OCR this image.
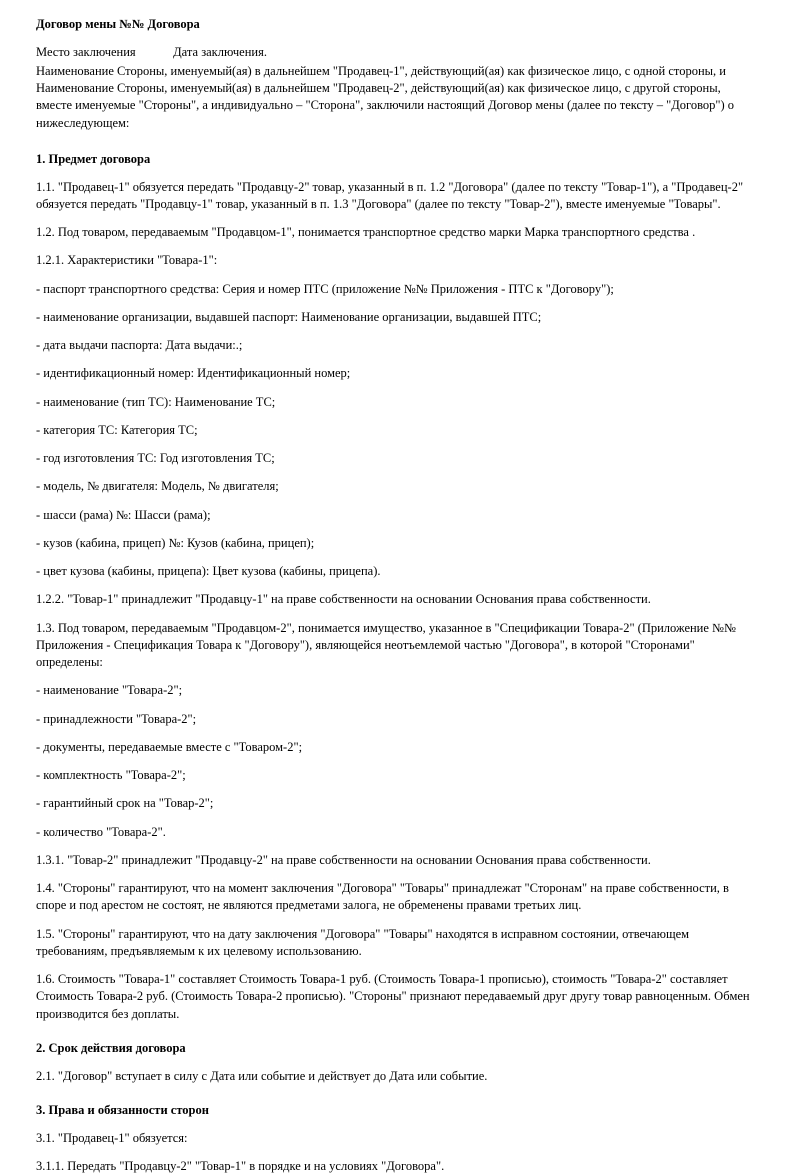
Договор мены №№ Договора
Место заключения	Дата заключения.
Наименование Стороны, именуемый(ая) в дальнейшем "Продавец-1", действующий(ая) как физическое лицо, с одной стороны, и Наименование Стороны, именуемый(ая) в дальнейшем "Продавец-2", действующий(ая) как физическое лицо, с другой стороны, вместе именуемые "Стороны", а индивидуально – "Сторона", заключили настоящий Договор мены (далее по тексту – "Договор") о нижеследующем:
1. Предмет договора
1.1. "Продавец-1" обязуется передать "Продавцу-2" товар, указанный в п. 1.2 "Договора" (далее по тексту "Товар-1"), а "Продавец-2" обязуется передать "Продавцу-1" товар, указанный в п. 1.3 "Договора" (далее по тексту "Товар-2"), вместе именуемые "Товары".
1.2. Под товаром, передаваемым "Продавцом-1", понимается транспортное средство марки Марка транспортного средства .
1.2.1. Характеристики "Товара-1":
- паспорт транспортного средства: Серия и номер ПТС (приложение №№ Приложения - ПТС к "Договору");
- наименование организации, выдавшей паспорт: Наименование организации, выдавшей ПТС;
- дата выдачи паспорта: Дата выдачи:.;
- идентификационный номер: Идентификационный номер;
- наименование (тип ТС): Наименование ТС;
- категория ТС: Категория ТС;
- год изготовления ТС: Год изготовления ТС;
- модель, № двигателя: Модель, № двигателя;
- шасси (рама) №: Шасси (рама);
- кузов (кабина, прицеп) №: Кузов (кабина, прицеп);
- цвет кузова (кабины, прицепа): Цвет кузова (кабины, прицепа).
1.2.2. "Товар-1" принадлежит "Продавцу-1" на праве собственности на основании Основания права собственности.
1.3. Под товаром, передаваемым "Продавцом-2", понимается имущество, указанное в "Спецификации Товара-2" (Приложение №№ Приложения - Спецификация Товара к "Договору"), являющейся неотъемлемой частью "Договора", в которой "Сторонами" определены:
- наименование "Товара-2";
- принадлежности "Товара-2";
- документы, передаваемые вместе с "Товаром-2";
- комплектность "Товара-2";
- гарантийный срок на "Товар-2";
- количество "Товара-2".
1.3.1. "Товар-2" принадлежит "Продавцу-2" на праве собственности на основании Основания права собственности.
1.4. "Стороны" гарантируют, что на момент заключения "Договора" "Товары" принадлежат "Сторонам" на праве собственности, в споре и под арестом не состоят, не являются предметами залога, не обременены правами третьих лиц.
1.5. "Стороны" гарантируют, что на дату заключения "Договора" "Товары" находятся в исправном состоянии, отвечающем требованиям, предъявляемым к их целевому использованию.
1.6. Стоимость "Товара-1" составляет Стоимость Товара-1 руб. (Стоимость Товара-1 прописью), стоимость "Товара-2" составляет Стоимость Товара-2 руб. (Стоимость Товара-2 прописью). "Стороны" признают передаваемый друг другу товар равноценным. Обмен производится без доплаты.
2. Срок действия договора
2.1. "Договор" вступает в силу с Дата или событие и действует до Дата или событие.
3. Права и обязанности сторон
3.1. "Продавец-1" обязуется:
3.1.1. Передать "Продавцу-2" "Товар-1" в порядке и на условиях "Договора".
